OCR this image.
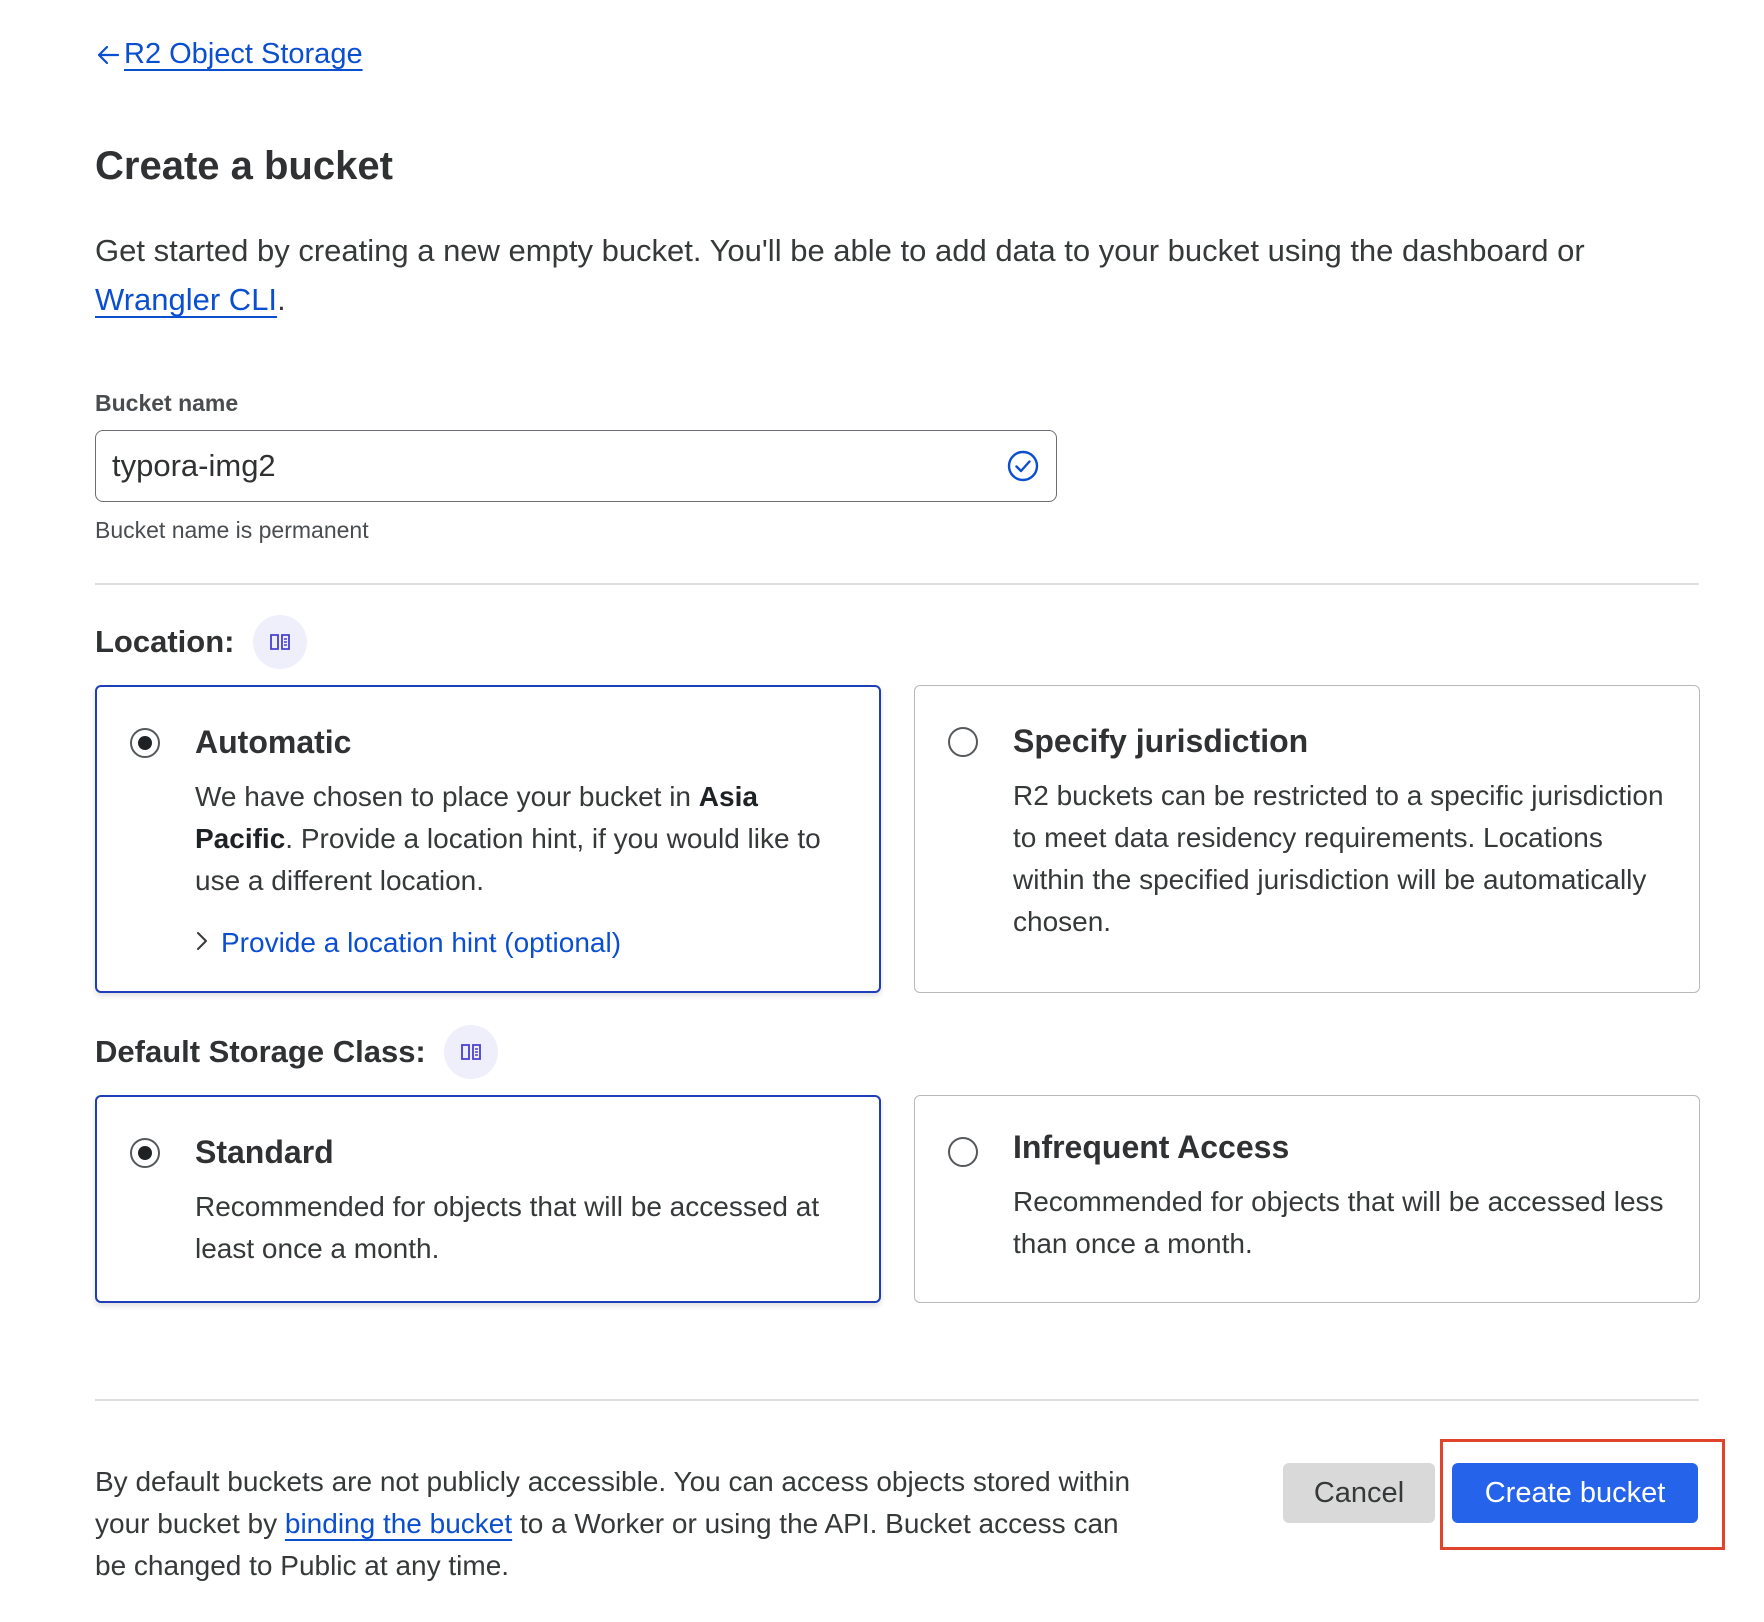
R2 Object Storage
Create a bucket
Get started by creating a new empty bucket. You'll be able to add data to your bucket using the dashboard or Wrangler CLI.
Bucket name
typora-img2
Bucket name is permanent
Location:
Automatic
We have chosen to place your bucket in Asia Pacific. Provide a location hint, if you would like to use a different location.
Provide a location hint (optional)
Specify jurisdiction
R2 buckets can be restricted to a specific jurisdiction to meet data residency requirements. Locations within the specified jurisdiction will be automatically chosen.
Default Storage Class:
Standard
Recommended for objects that will be accessed at least once a month.
Infrequent Access
Recommended for objects that will be accessed less than once a month.
By default buckets are not publicly accessible. You can access objects stored within your bucket by binding the bucket to a Worker or using the API. Bucket access can be changed to Public at any time.
Cancel	Create bucket
